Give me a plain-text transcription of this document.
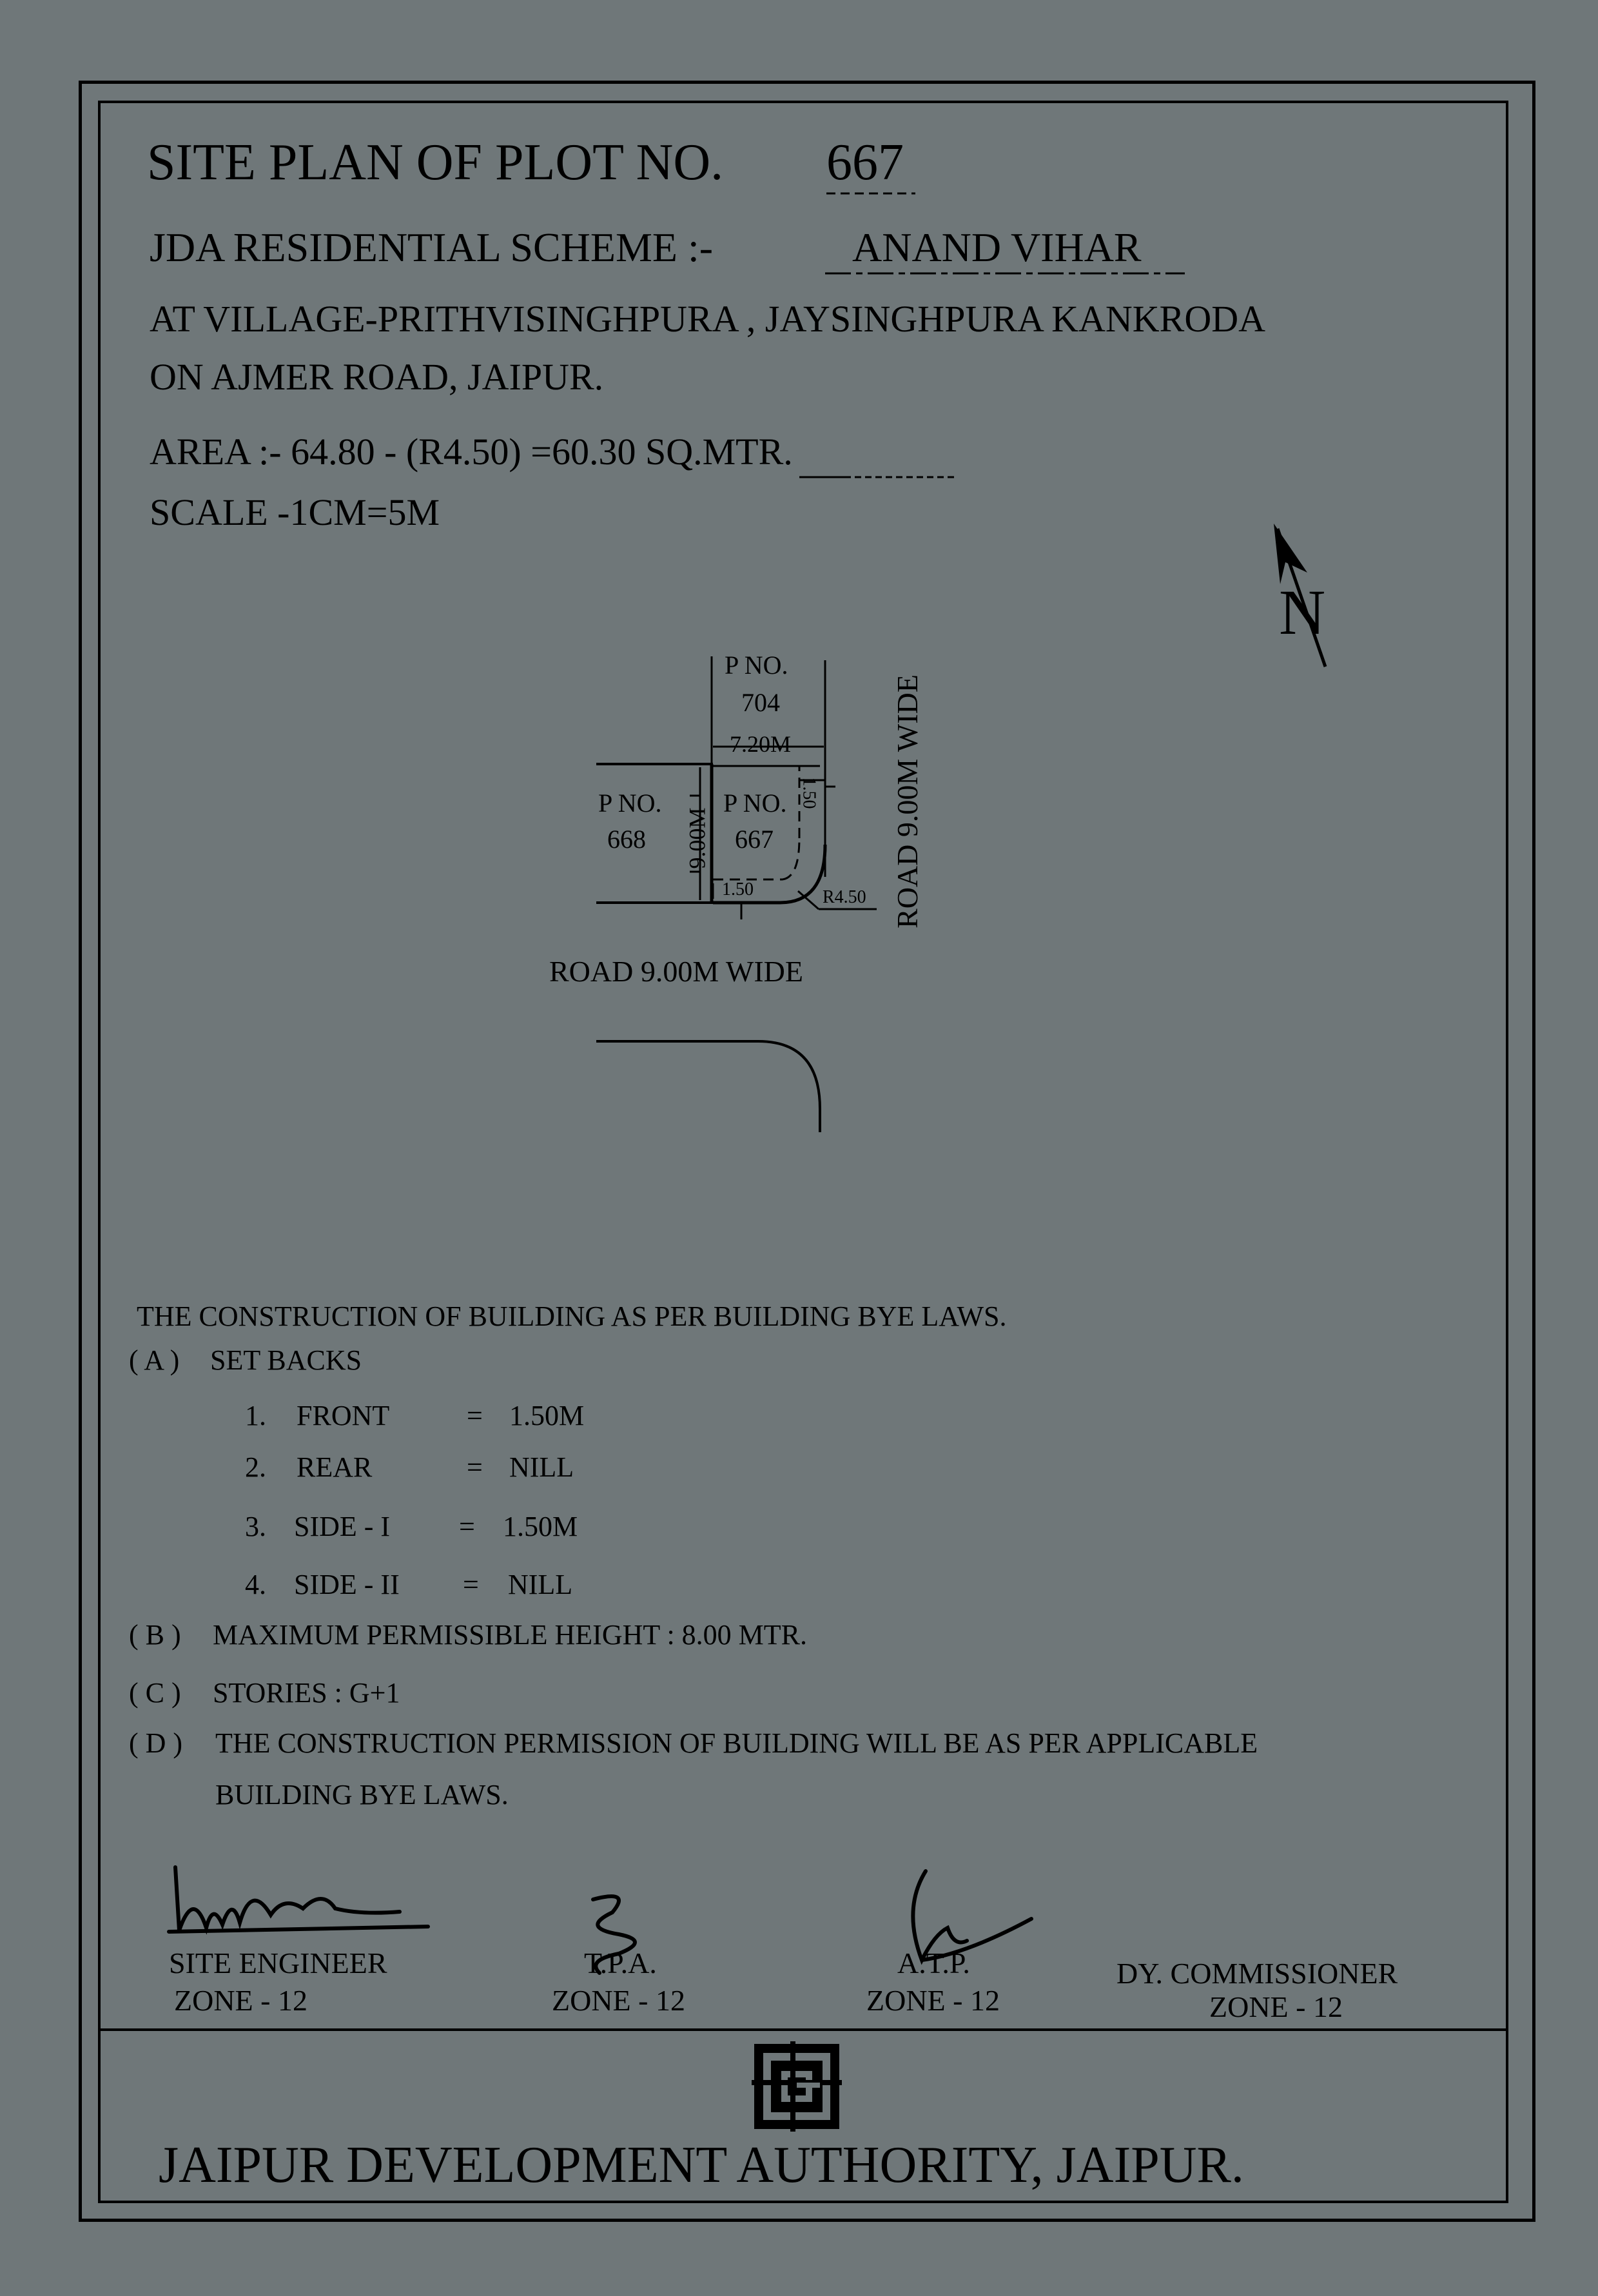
SITE PLAN OF PLOT NO. 667
JDA RESIDENTIAL SCHEME :-	ANAND VIHAR
AT VILLAGE-PRITHVISINGHPURA , JAYSINGHPURA KANKRODA
ON AJMER ROAD, JAIPUR.
AREA :- 64.80 - (R4.50) =60.30 SQ.MTR.
SCALE -1CM=5M
N
P NO.
704
7.20M
P NO.
668
P NO.
667
9.00M
1.50
1.50
R4.50
ROAD 9.00M WIDE
ROAD 9.00M WIDE
THE CONSTRUCTION OF BUILDING AS PER BUILDING BYE LAWS.
( A ) SET BACKS
1. FRONT	= 1.50M
2. REAR	= NILL
3. SIDE - I = 1.50M
4. SIDE - II = NILL
( B ) MAXIMUM PERMISSIBLE HEIGHT : 8.00 MTR.
( C ) STORIES : G+1
( D ) THE CONSTRUCTION PERMISSION OF BUILDING WILL BE AS PER APPLICABLE
BUILDING BYE LAWS.
SITE ENGINEER
ZONE - 12
T.P.A.
ZONE - 12
A.T.P.
ZONE - 12
DY. COMMISSIONER
ZONE - 12
JAIPUR DEVELOPMENT AUTHORITY, JAIPUR.
